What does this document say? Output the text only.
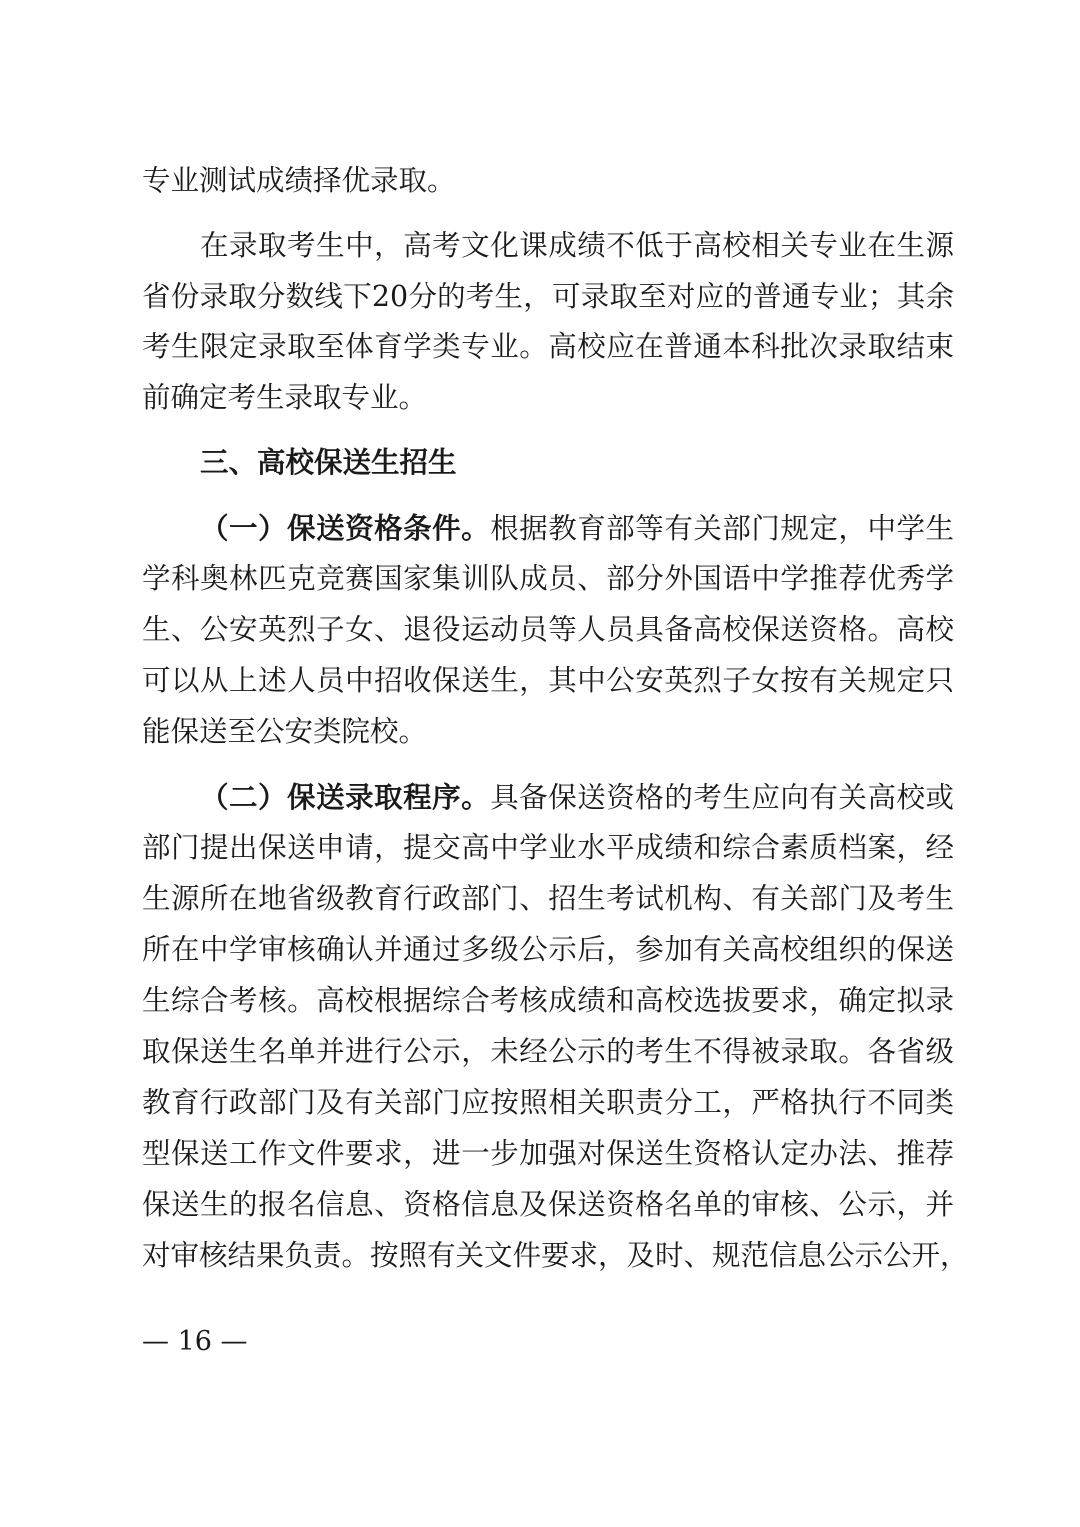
专业测试成绩择优录取。
在录取考生中，高考文化课成绩不低于高校相关专业在生源
省份录取分数线下20分的考生，可录取至对应的普通专业；其余
考生限定录取至体育学类专业。高校应在普通本科批次录取结束
前确定考生录取专业。
三、高校保送生招生
（一）保送资格条件。根据教育部等有关部门规定，中学生
学科奥林匹克竞赛国家集训队成员、部分外国语中学推荐优秀学
生、公安英烈子女、退役运动员等人员具备高校保送资格。高校
可以从上述人员中招收保送生，其中公安英烈子女按有关规定只
能保送至公安类院校。
（二）保送录取程序。具备保送资格的考生应向有关高校或
部门提出保送申请，提交高中学业水平成绩和综合素质档案，经
生源所在地省级教育行政部门、招生考试机构、有关部门及考生
所在中学审核确认并通过多级公示后，参加有关高校组织的保送
生综合考核。高校根据综合考核成绩和高校选拔要求，确定拟录
取保送生名单并进行公示，未经公示的考生不得被录取。各省级
教育行政部门及有关部门应按照相关职责分工，严格执行不同类
型保送工作文件要求，进一步加强对保送生资格认定办法、推荐
保送生的报名信息、资格信息及保送资格名单的审核、公示，并
对审核结果负责。按照有关文件要求，及时、规范信息公示公开，
— 16 —
